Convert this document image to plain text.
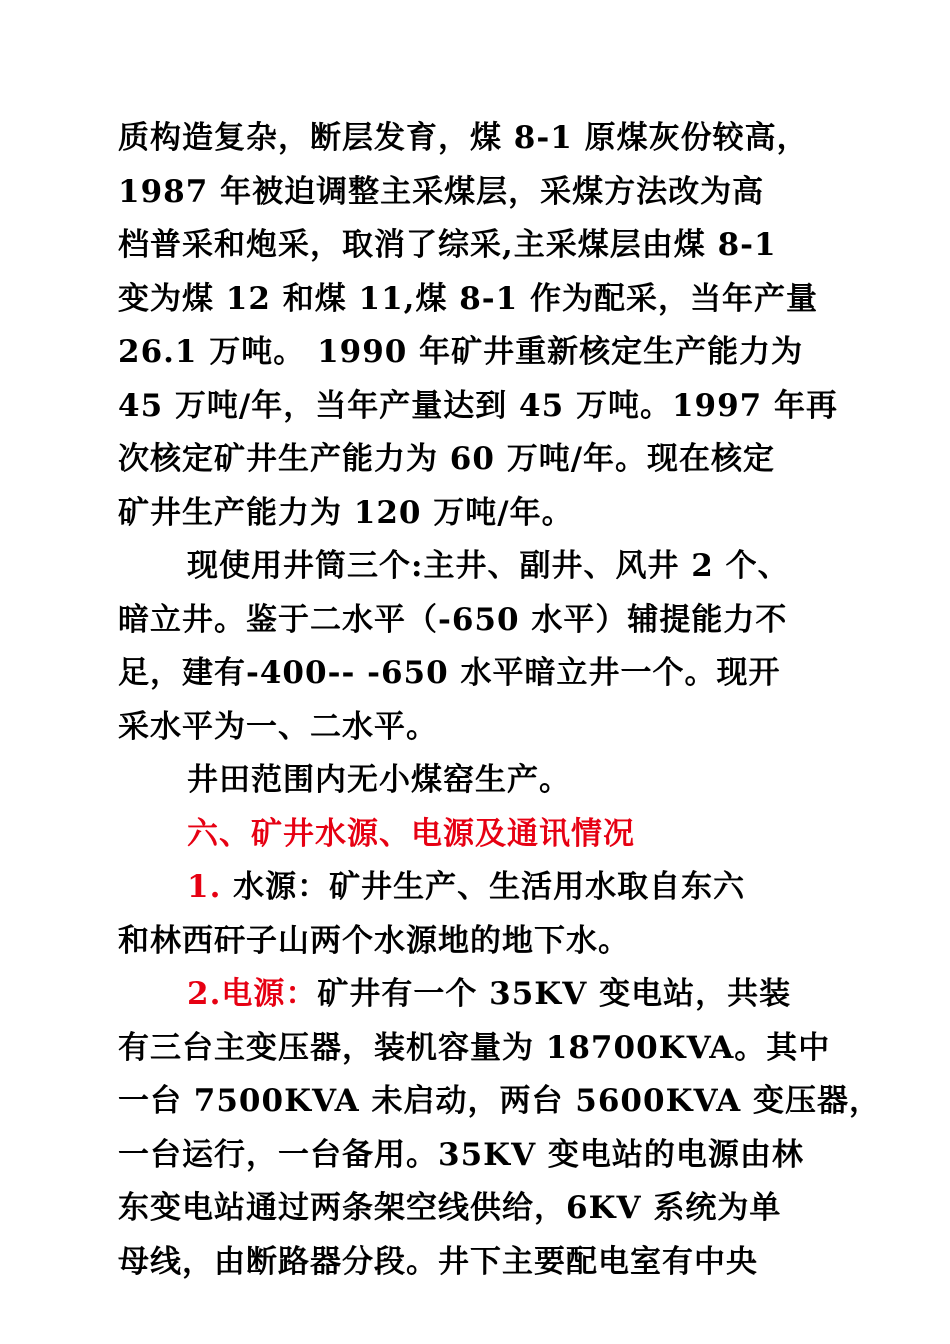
质构造复杂，断层发育，煤 8-1 原煤灰份较高，
1987 年被迫调整主采煤层，采煤方法改为高
档普采和炮采，取消了综采,主采煤层由煤 8-1
变为煤 12 和煤 11,煤 8-1 作为配采，当年产量
26.1 万吨。 1990 年矿井重新核定生产能力为
45 万吨/年，当年产量达到 45 万吨。1997 年再
次核定矿井生产能力为 60 万吨/年。现在核定
矿井生产能力为 120 万吨/年。
现使用井筒三个:主井、副井、风井 2 个、
暗立井。鉴于二水平（-650 水平）辅提能力不
足，建有-400-- -650 水平暗立井一个。现开
采水平为一、二水平。
井田范围内无小煤窑生产。
六、矿井水源、电源及通讯情况
1. 水源：矿井生产、生活用水取自东六
和林西矸子山两个水源地的地下水。
2.电源：矿井有一个 35KV 变电站，共装
有三台主变压器，装机容量为 18700KVA。其中
一台 7500KVA 未启动，两台 5600KVA 变压器，
一台运行，一台备用。35KV 变电站的电源由林
东变电站通过两条架空线供给，6KV 系统为单
母线，由断路器分段。井下主要配电室有中央
